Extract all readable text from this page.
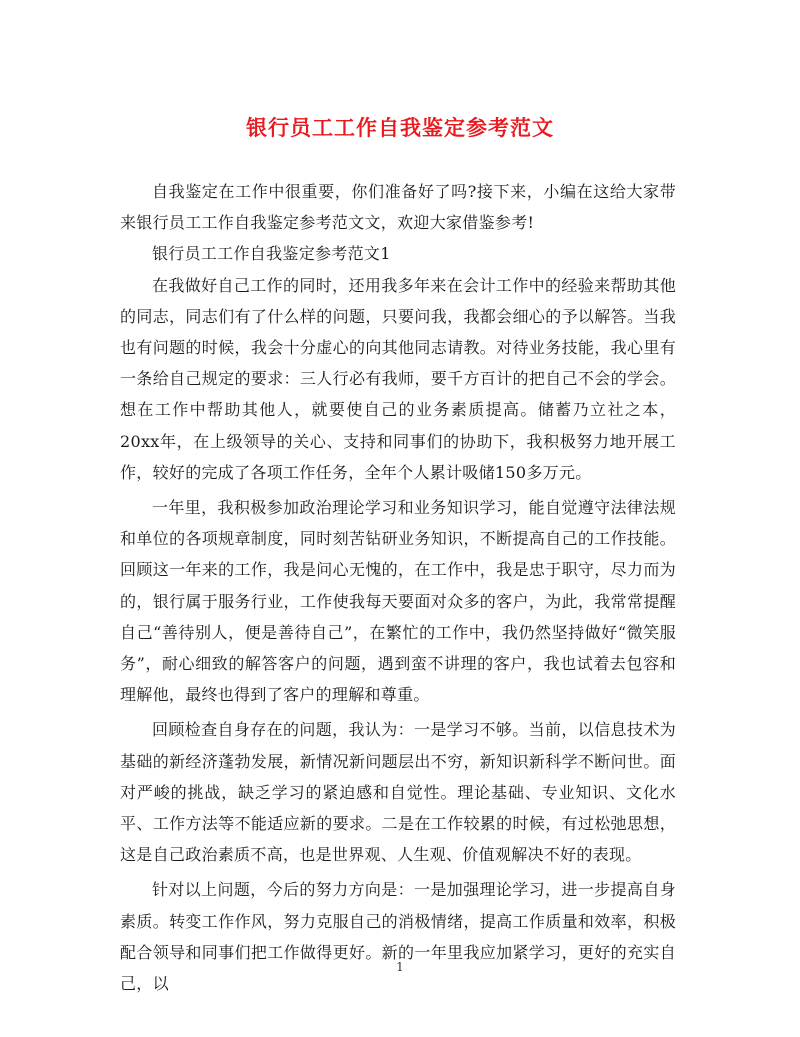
银行员工工作自我鉴定参考范文

自我鉴定在工作中很重要，你们准备好了吗?接下来，小编在这给大家带来银行员工工作自我鉴定参考范文文，欢迎大家借鉴参考!

银行员工工作自我鉴定参考范文1

在我做好自己工作的同时，还用我多年来在会计工作中的经验来帮助其他的同志，同志们有了什么样的问题，只要问我，我都会细心的予以解答。当我也有问题的时候，我会十分虚心的向其他同志请教。对待业务技能，我心里有一条给自己规定的要求：三人行必有我师，要千方百计的把自己不会的学会。想在工作中帮助其他人，就要使自己的业务素质提高。储蓄乃立社之本，20xx年，在上级领导的关心、支持和同事们的协助下，我积极努力地开展工作，较好的完成了各项工作任务，全年个人累计吸储150多万元。

一年里，我积极参加政治理论学习和业务知识学习，能自觉遵守法律法规和单位的各项规章制度，同时刻苦钻研业务知识，不断提高自己的工作技能。回顾这一年来的工作，我是问心无愧的，在工作中，我是忠于职守，尽力而为的，银行属于服务行业，工作使我每天要面对众多的客户，为此，我常常提醒自己“善待别人，便是善待自己”，在繁忙的工作中，我仍然坚持做好“微笑服务”，耐心细致的解答客户的问题，遇到蛮不讲理的客户，我也试着去包容和理解他，最终也得到了客户的理解和尊重。

回顾检查自身存在的问题，我认为：一是学习不够。当前，以信息技术为基础的新经济蓬勃发展，新情况新问题层出不穷，新知识新科学不断问世。面对严峻的挑战，缺乏学习的紧迫感和自觉性。理论基础、专业知识、文化水平、工作方法等不能适应新的要求。二是在工作较累的时候，有过松弛思想，这是自己政治素质不高，也是世界观、人生观、价值观解决不好的表现。

针对以上问题，今后的努力方向是：一是加强理论学习，进一步提高自身素质。转变工作作风，努力克服自己的消极情绪，提高工作质量和效率，积极配合领导和同事们把工作做得更好。新的一年里我应加紧学习，更好的充实自己，以

1
